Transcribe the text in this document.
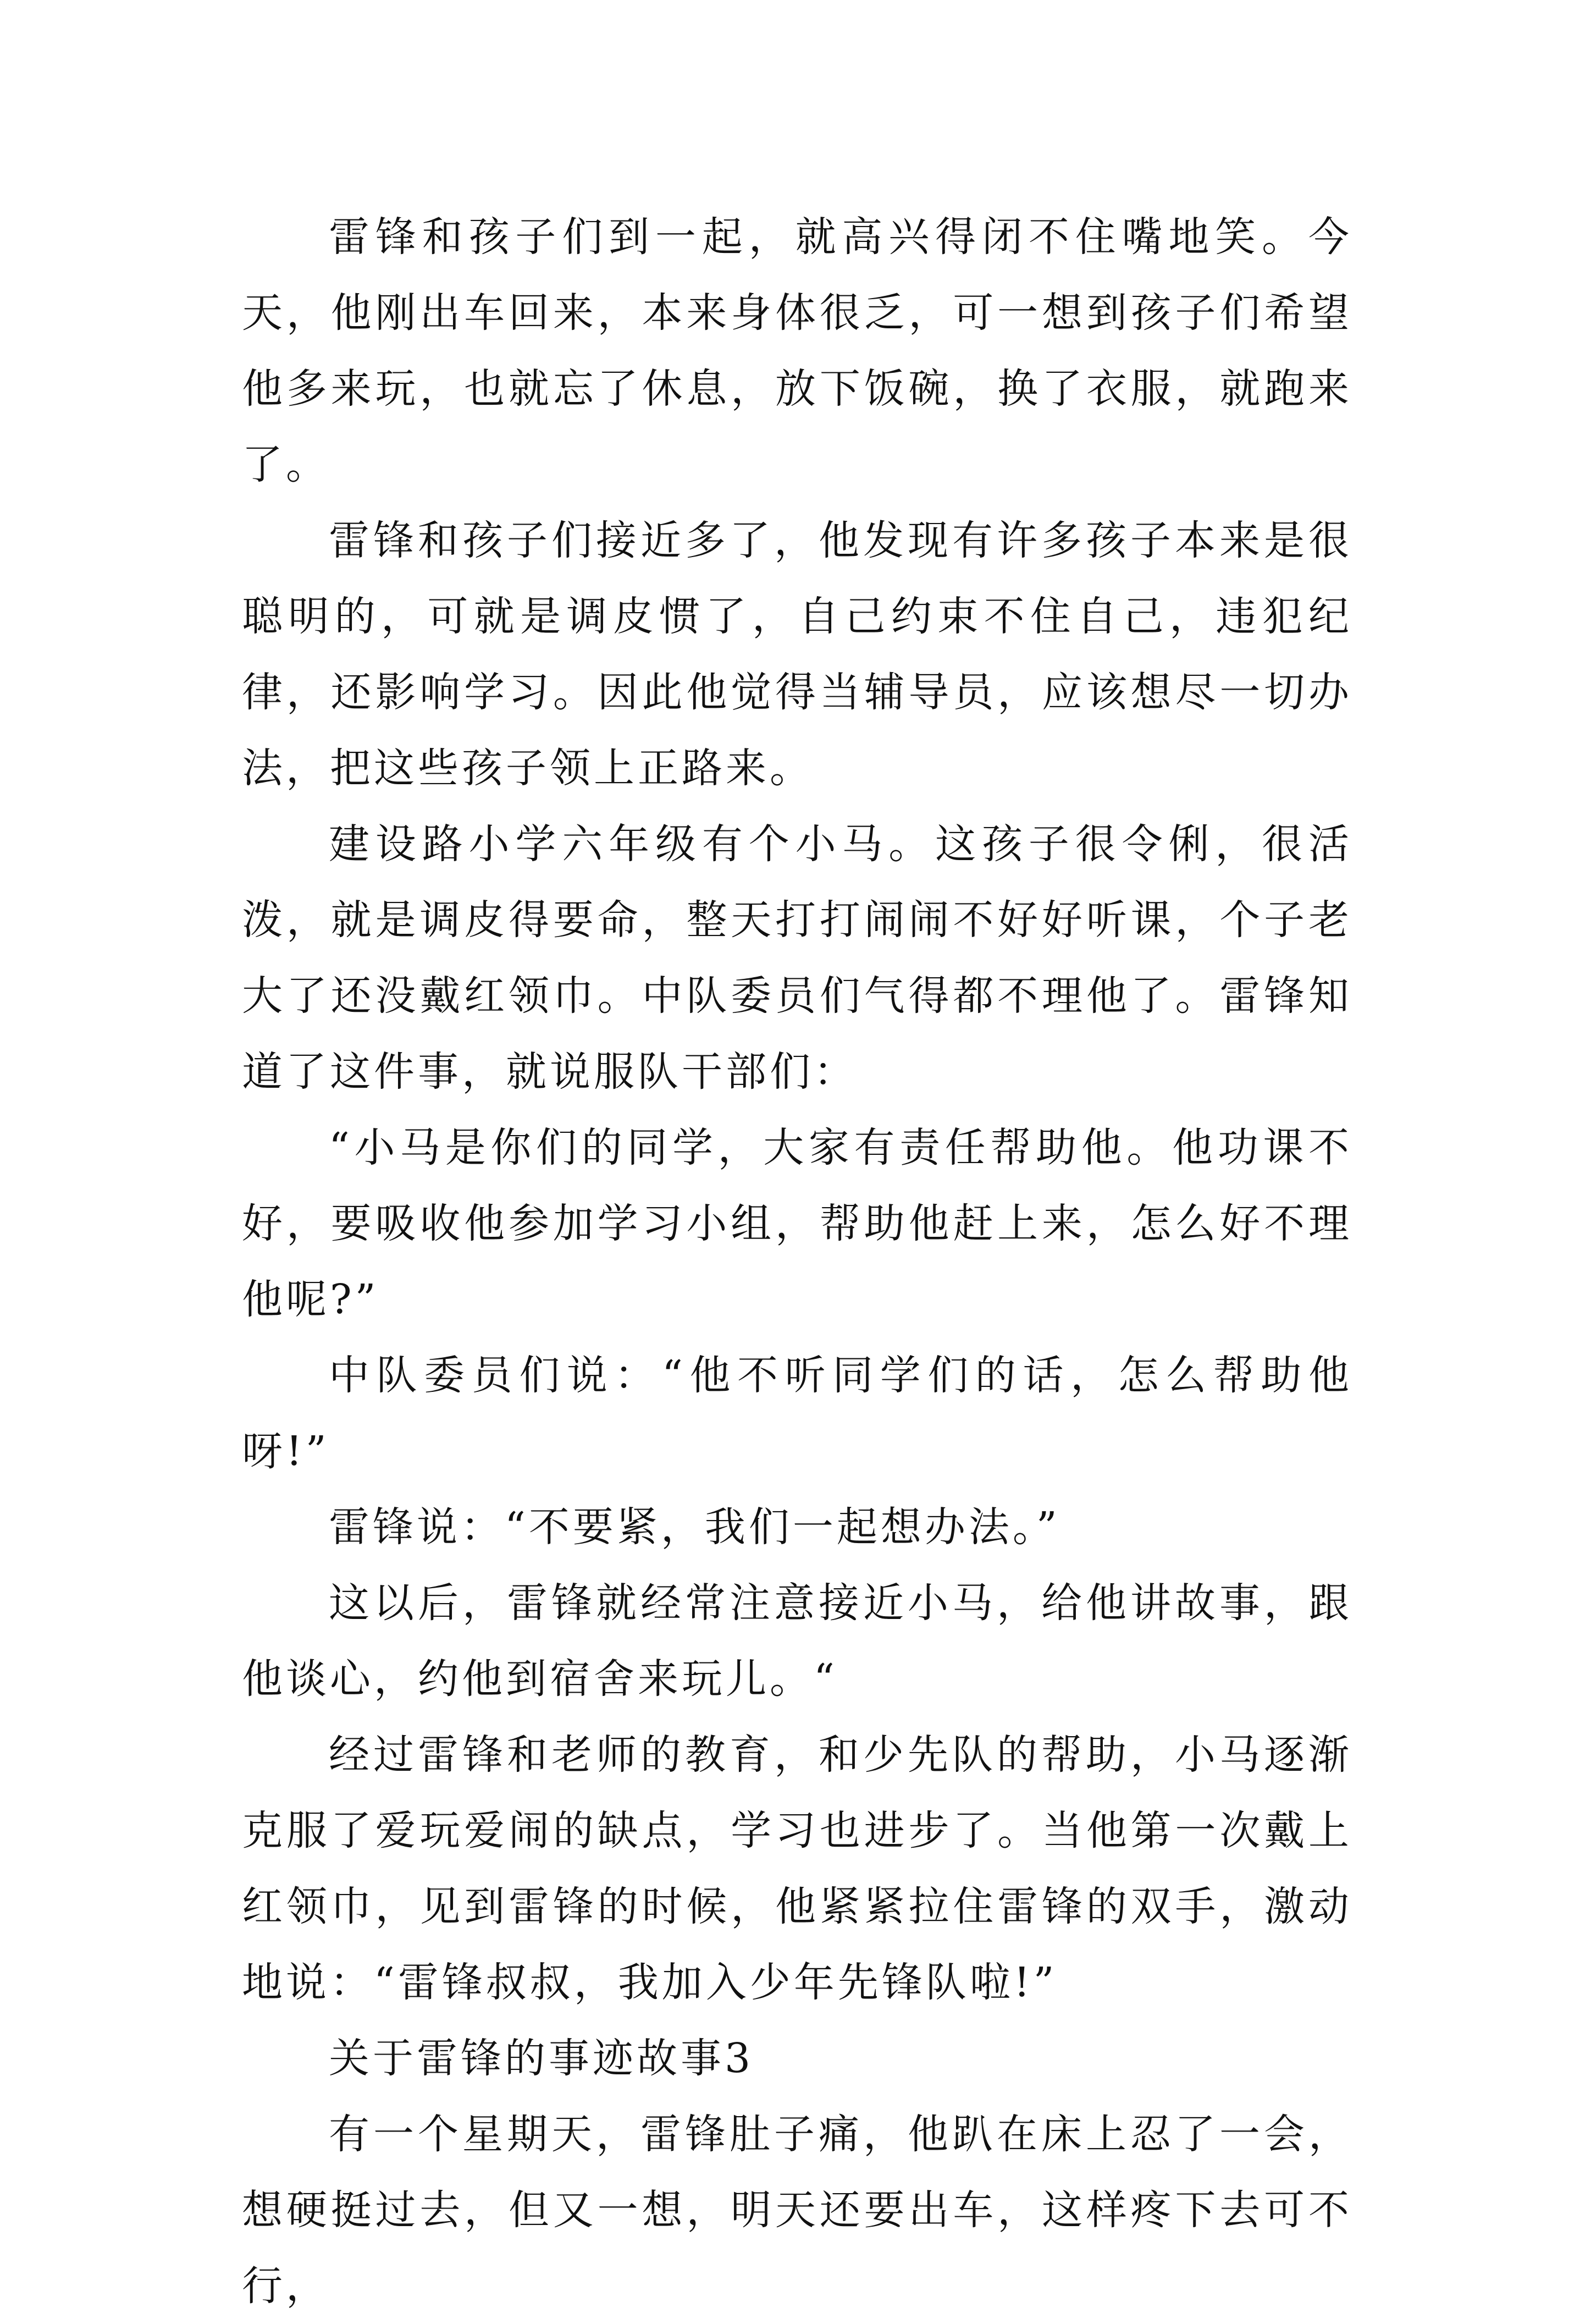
雷锋和孩子们到一起，就高兴得闭不住嘴地笑。今天，他刚出车回来，本来身体很乏，可一想到孩子们希望他多来玩，也就忘了休息，放下饭碗，换了衣服，就跑来了。

雷锋和孩子们接近多了，他发现有许多孩子本来是很聪明的，可就是调皮惯了，自己约束不住自己，违犯纪律，还影响学习。因此他觉得当辅导员，应该想尽一切办法，把这些孩子领上正路来。

建设路小学六年级有个小马。这孩子很令俐，很活泼，就是调皮得要命，整天打打闹闹不好好听课，个子老大了还没戴红领巾。中队委员们气得都不理他了。雷锋知道了这件事，就说服队干部们：

“小马是你们的同学，大家有责任帮助他。他功课不好，要吸收他参加学习小组，帮助他赶上来，怎么好不理他呢?”

中队委员们说：“他不听同学们的话，怎么帮助他呀!”

雷锋说：“不要紧，我们一起想办法。”

这以后，雷锋就经常注意接近小马，给他讲故事，跟他谈心，约他到宿舍来玩儿。“

经过雷锋和老师的教育，和少先队的帮助，小马逐渐克服了爱玩爱闹的缺点，学习也进步了。当他第一次戴上红领巾，见到雷锋的时候，他紧紧拉住雷锋的双手，激动地说：“雷锋叔叔，我加入少年先锋队啦!”

关于雷锋的事迹故事3

有一个星期天，雷锋肚子痛，他趴在床上忍了一会，想硬挺过去，但又一想，明天还要出车，这样疼下去可不行，
